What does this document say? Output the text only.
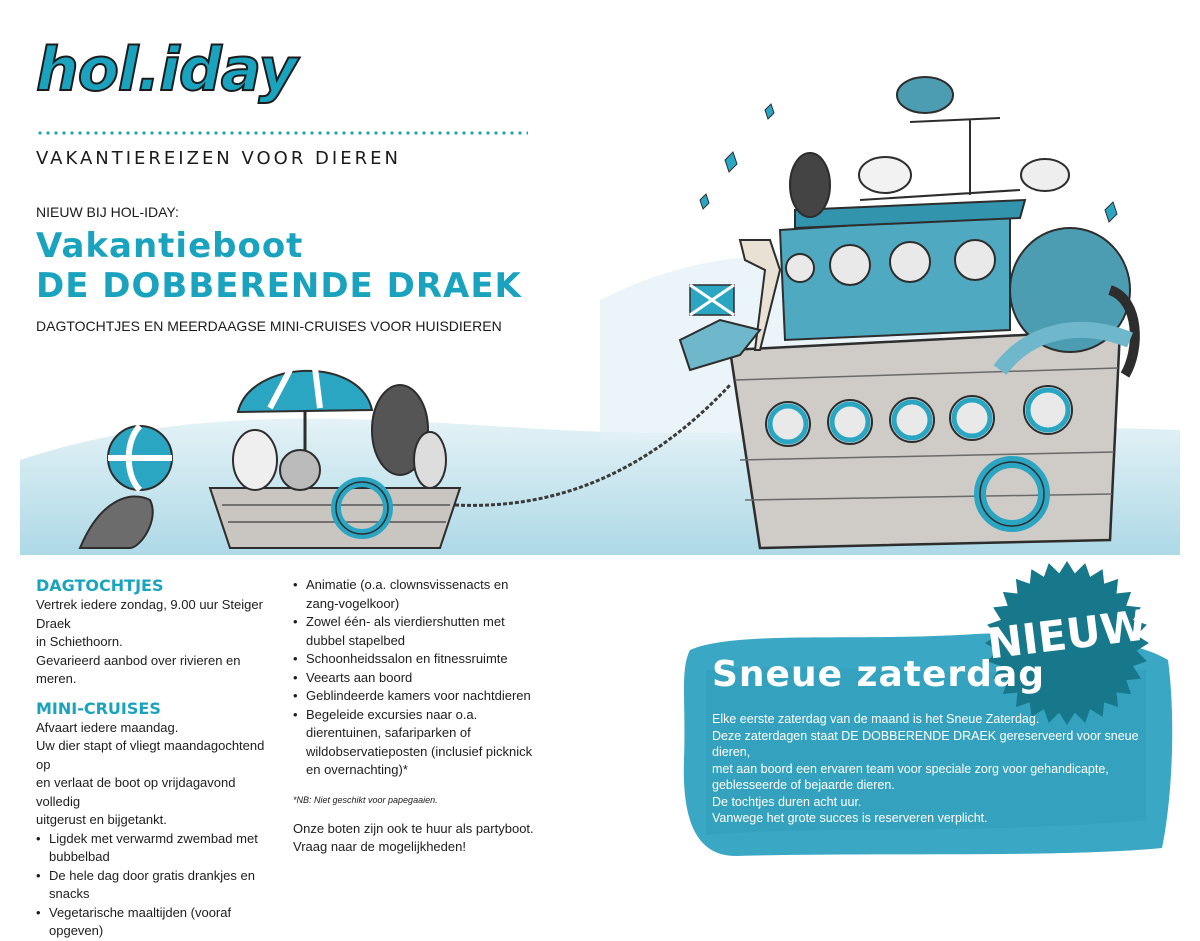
hol.iday
VAKANTIEREIZEN VOOR DIEREN
NIEUW BIJ HOL-IDAY:
Vakantieboot
DE DOBBERENDE DRAEK
DAGTOCHTJES EN MEERDAAGSE MINI-CRUISES VOOR HUISDIEREN
DAGTOCHTJES

Vertrek iedere zondag, 9.00 uur Steiger Draek

in Schiethoorn.

Gevarieerd aanbod over rivieren en meren.

MINI-CRUISES

Afvaart iedere maandag.

Uw dier stapt of vliegt maandagochtend op

en verlaat de boot op vrijdagavond volledig

uitgerust en bijgetankt.

• Ligdek met verwarmd zwembad met bubbelbad
• De hele dag door gratis drankjes en snacks
• Vegetarische maaltijden (vooraf opgeven)
• Animatie (o.a. clownsvissenacts en zang-vogelkoor)
• Zowel één- als vierdiershutten met dubbel stapelbed
• Schoonheidssalon en fitnessruimte
• Veearts aan boord
• Geblindeerde kamers voor nachtdieren
• Begeleide excursies naar o.a. dierentuinen, safariparken of wildobservatieposten (inclusief picknick en overnachting)*

*NB: Niet geschikt voor papegaaien.

Onze boten zijn ook te huur als partyboot.

Vraag naar de mogelijkheden!

NIEUW
Sneue zaterdag

Elke eerste zaterdag van de maand is het Sneue Zaterdag.

Deze zaterdagen staat DE DOBBERENDE DRAEK gereserveerd voor sneue dieren,

met aan boord een ervaren team voor speciale zorg voor gehandicapte,

geblesseerde of bejaarde dieren.

De tochtjes duren acht uur.

Vanwege het grote succes is reserveren verplicht.
